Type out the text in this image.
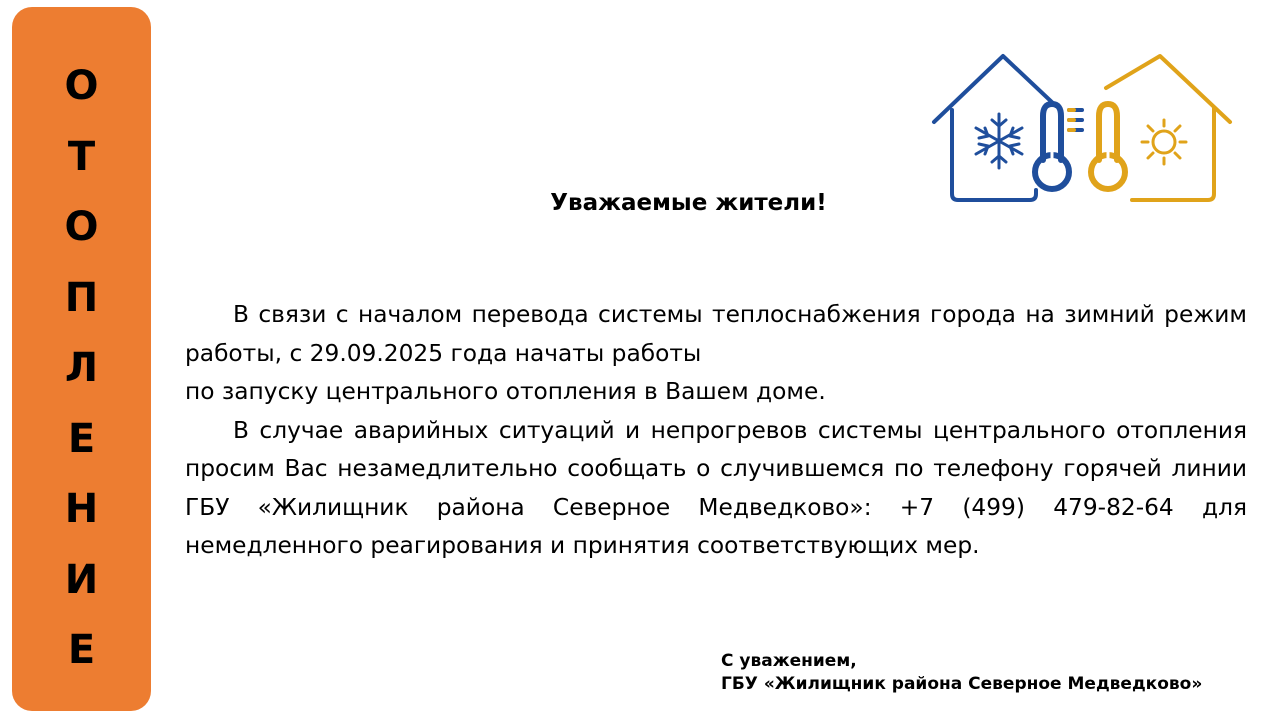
О
Т
О
П
Л
Е
Н
И
Е
Уважаемые жители!

В связи с началом перевода системы теплоснабжения города на зимний режим работы, с 29.09.2025 года начаты работы
по запуску центрального отопления в Вашем доме.

В случае аварийных ситуаций и непрогревов системы центрального отопления просим Вас незамедлительно сообщать о случившемся по телефону горячей линии ГБУ «Жилищник района Северное Медведково»: +7 (499) 479-82-64 для немедленного реагирования и принятия соответствующих мер.

С уважением,
ГБУ «Жилищник района Северное Медведково»
